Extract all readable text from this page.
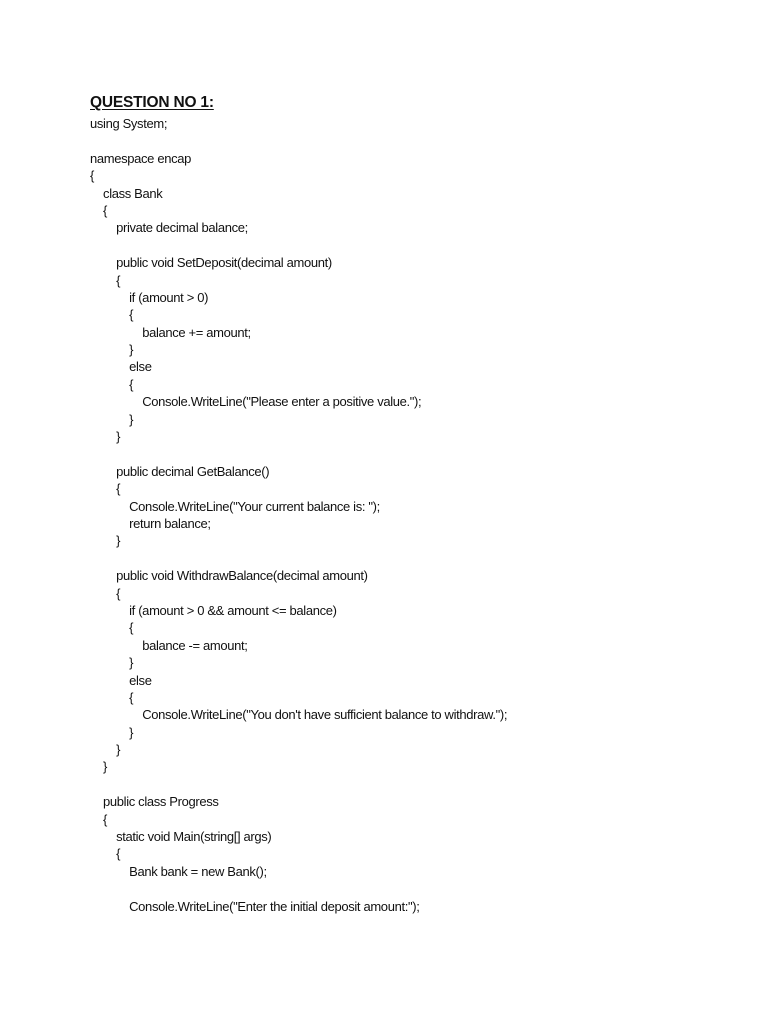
QUESTION NO 1:
using System;
namespace encap
{
class Bank
{
private decimal balance;
public void SetDeposit(decimal amount)
{
if (amount > 0)
{
balance += amount;
}
else
{
Console.WriteLine("Please enter a positive value.");
}
}
public decimal GetBalance()
{
Console.WriteLine("Your current balance is: ");
return balance;
}
public void WithdrawBalance(decimal amount)
{
if (amount > 0 && amount <= balance)
{
balance -= amount;
}
else
{
Console.WriteLine("You don't have sufficient balance to withdraw.");
}
}
}
public class Progress
{
static void Main(string[] args)
{
Bank bank = new Bank();
Console.WriteLine("Enter the initial deposit amount:");
